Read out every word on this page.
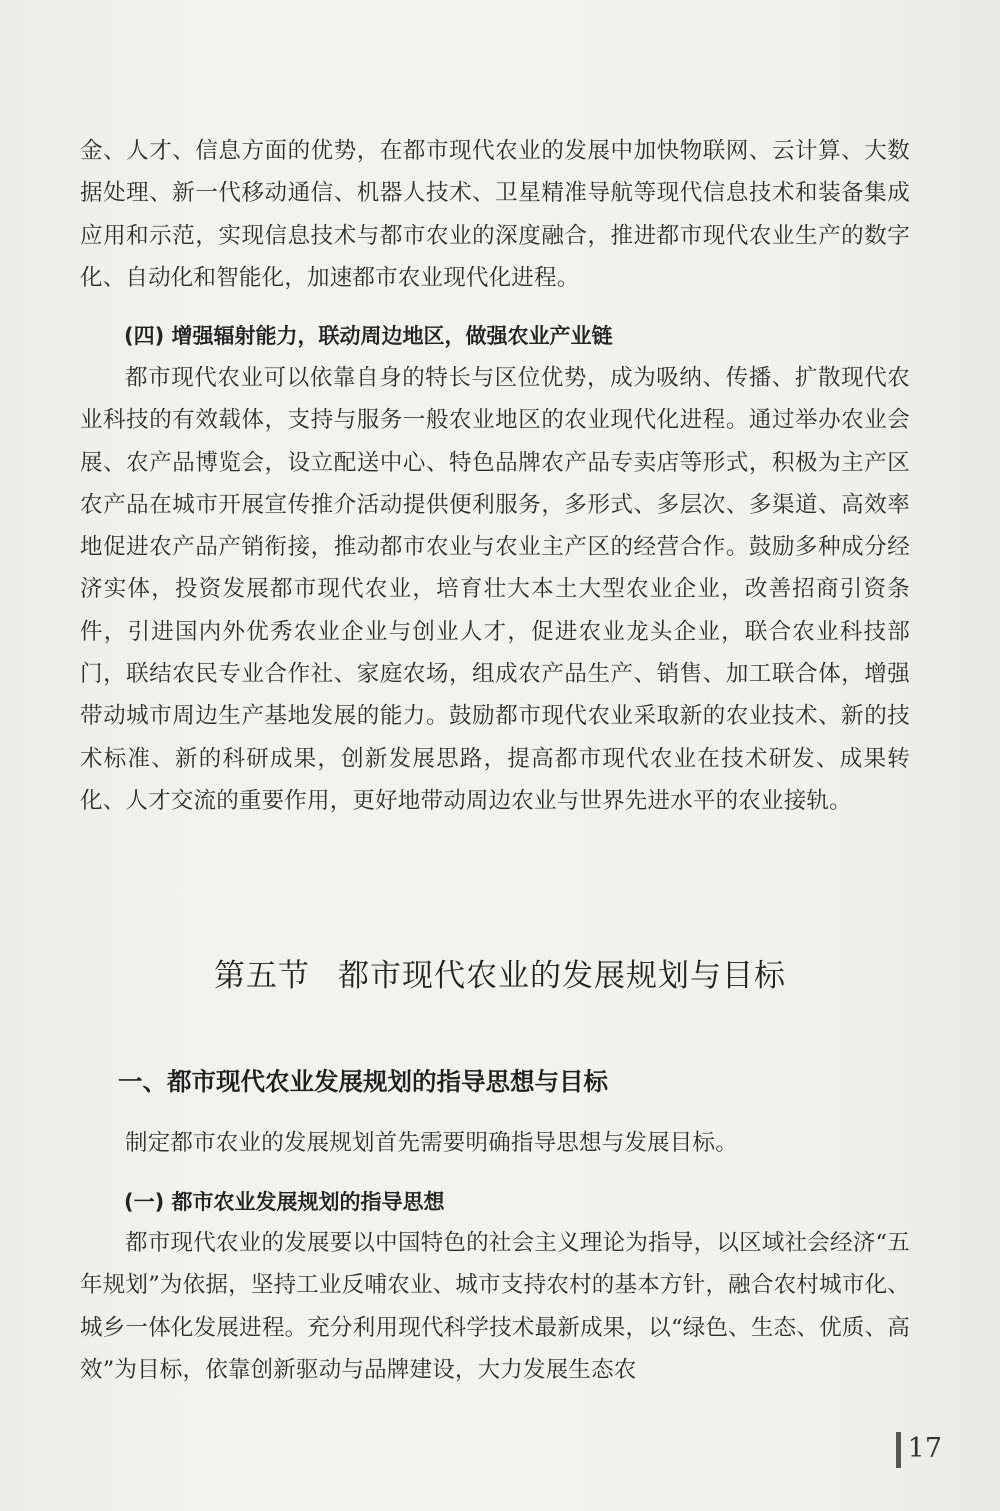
金、人才、信息方面的优势，在都市现代农业的发展中加快物联网、云计算、大数据处理、新一代移动通信、机器人技术、卫星精准导航等现代信息技术和装备集成应用和示范，实现信息技术与都市农业的深度融合，推进都市现代农业生产的数字化、自动化和智能化，加速都市农业现代化进程。

(四) 增强辐射能力，联动周边地区，做强农业产业链

都市现代农业可以依靠自身的特长与区位优势，成为吸纳、传播、扩散现代农业科技的有效载体，支持与服务一般农业地区的农业现代化进程。通过举办农业会展、农产品博览会，设立配送中心、特色品牌农产品专卖店等形式，积极为主产区农产品在城市开展宣传推介活动提供便利服务，多形式、多层次、多渠道、高效率地促进农产品产销衔接，推动都市农业与农业主产区的经营合作。鼓励多种成分经济实体，投资发展都市现代农业，培育壮大本土大型农业企业，改善招商引资条件，引进国内外优秀农业企业与创业人才，促进农业龙头企业，联合农业科技部门，联结农民专业合作社、家庭农场，组成农产品生产、销售、加工联合体，增强带动城市周边生产基地发展的能力。鼓励都市现代农业采取新的农业技术、新的技术标准、新的科研成果，创新发展思路，提高都市现代农业在技术研发、成果转化、人才交流的重要作用，更好地带动周边农业与世界先进水平的农业接轨。

第五节 都市现代农业的发展规划与目标
一、都市现代农业发展规划的指导思想与目标

制定都市农业的发展规划首先需要明确指导思想与发展目标。

(一) 都市农业发展规划的指导思想

都市现代农业的发展要以中国特色的社会主义理论为指导，以区域社会经济“五年规划”为依据，坚持工业反哺农业、城市支持农村的基本方针，融合农村城市化、城乡一体化发展进程。充分利用现代科学技术最新成果，以“绿色、生态、优质、高效”为目标，依靠创新驱动与品牌建设，大力发展生态农

17
